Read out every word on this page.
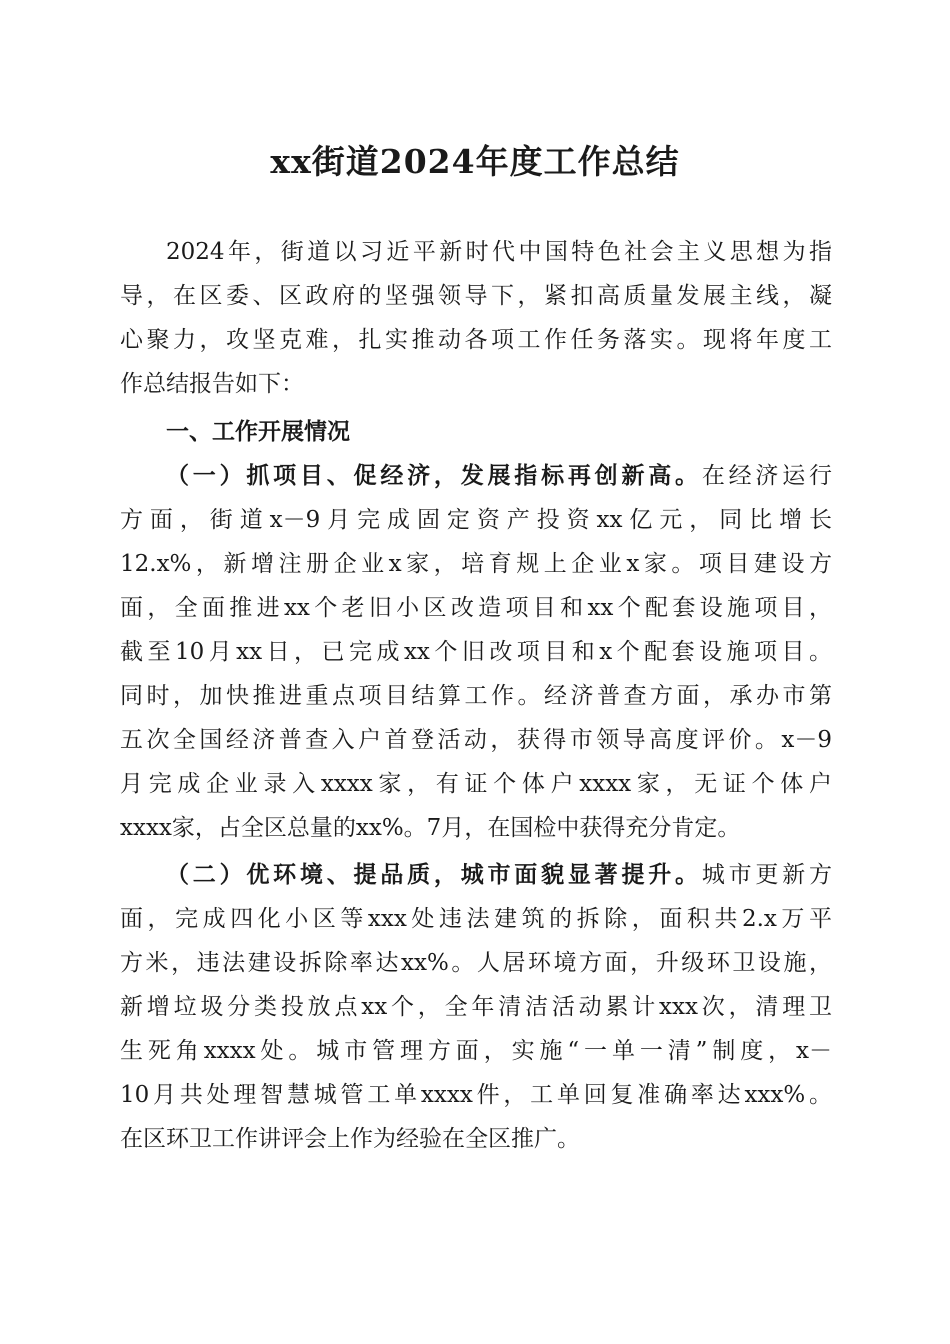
xx街道2024年度工作总结
2024年，街道以习近平新时代中国特色社会主义思想为指
导，在区委、区政府的坚强领导下，紧扣高质量发展主线，凝
心聚力，攻坚克难，扎实推动各项工作任务落实。现将年度工
作总结报告如下：
一、工作开展情况
（一）抓项目、促经济，发展指标再创新高。在经济运行
方面，街道x－9月完成固定资产投资xx亿元，同比增长
12.x%，新增注册企业x家，培育规上企业x家。项目建设方
面，全面推进xx个老旧小区改造项目和xx个配套设施项目，
截至10月xx日，已完成xx个旧改项目和x个配套设施项目。
同时，加快推进重点项目结算工作。经济普查方面，承办市第
五次全国经济普查入户首登活动，获得市领导高度评价。x－9
月完成企业录入xxxx家，有证个体户xxxx家，无证个体户
xxxx家，占全区总量的xx%。7月，在国检中获得充分肯定。
（二）优环境、提品质，城市面貌显著提升。城市更新方
面，完成四化小区等xxx处违法建筑的拆除，面积共2.x万平
方米，违法建设拆除率达xx%。人居环境方面，升级环卫设施，
新增垃圾分类投放点xx个，全年清洁活动累计xxx次，清理卫
生死角xxxx处。城市管理方面，实施“一单一清”制度，x－
10月共处理智慧城管工单xxxx件，工单回复准确率达xxx%。
在区环卫工作讲评会上作为经验在全区推广。
